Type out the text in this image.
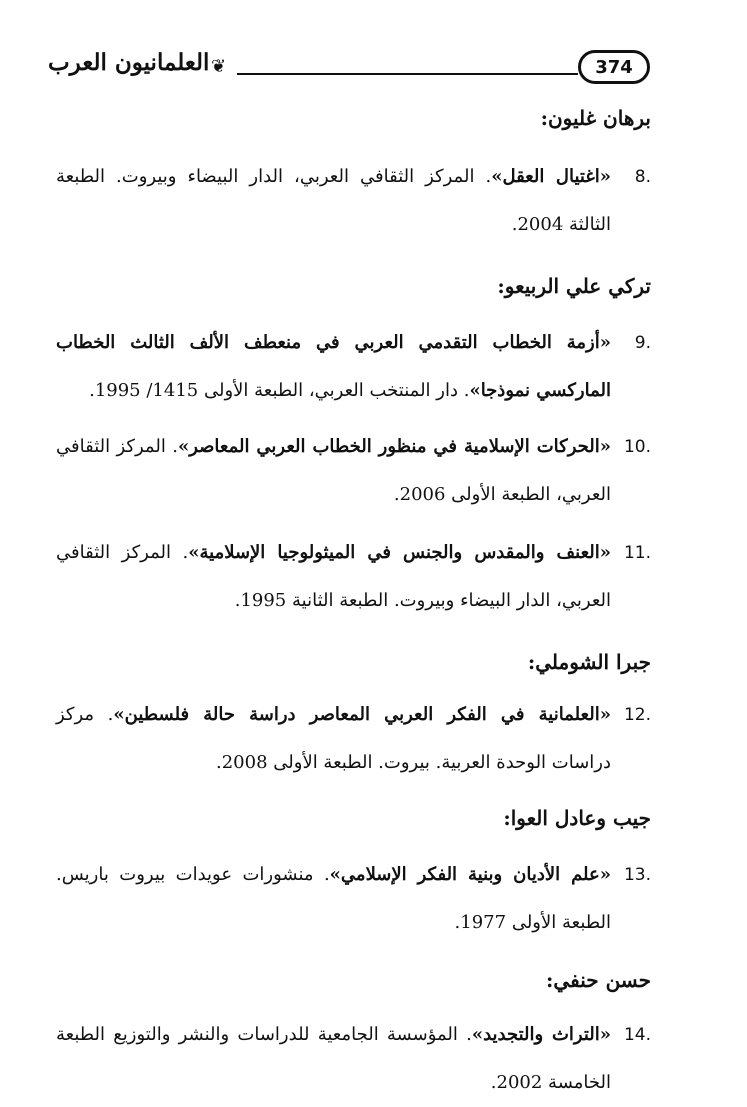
العلمانيون العرب ❦	374

برهان غليون:

8.
«اغتيال العقل». المركز الثقافي العربي، الدار البيضاء وبيروت. الطبعة الثالثة 2004.

تركي علي الربيعو:

9.
«أزمة الخطاب التقدمي العربي في منعطف الألف الثالث الخطاب الماركسي نموذجا». دار المنتخب العربي، الطبعة الأولى 1415/ 1995.
10.
«الحركات الإسلامية في منظور الخطاب العربي المعاصر». المركز الثقافي العربي، الطبعة الأولى 2006.
11.
«العنف والمقدس والجنس في الميثولوجيا الإسلامية». المركز الثقافي العربي، الدار البيضاء وبيروت. الطبعة الثانية 1995.

جبرا الشوملي:

12.
«العلمانية في الفكر العربي المعاصر دراسة حالة فلسطين». مركز دراسات الوحدة العربية. بيروت. الطبعة الأولى 2008.

جيب وعادل العوا:

13.
«علم الأديان وبنية الفكر الإسلامي». منشورات عويدات بيروت باريس. الطبعة الأولى 1977.

حسن حنفي:

14.
«التراث والتجديد». المؤسسة الجامعية للدراسات والنشر والتوزيع الطبعة الخامسة 2002.
